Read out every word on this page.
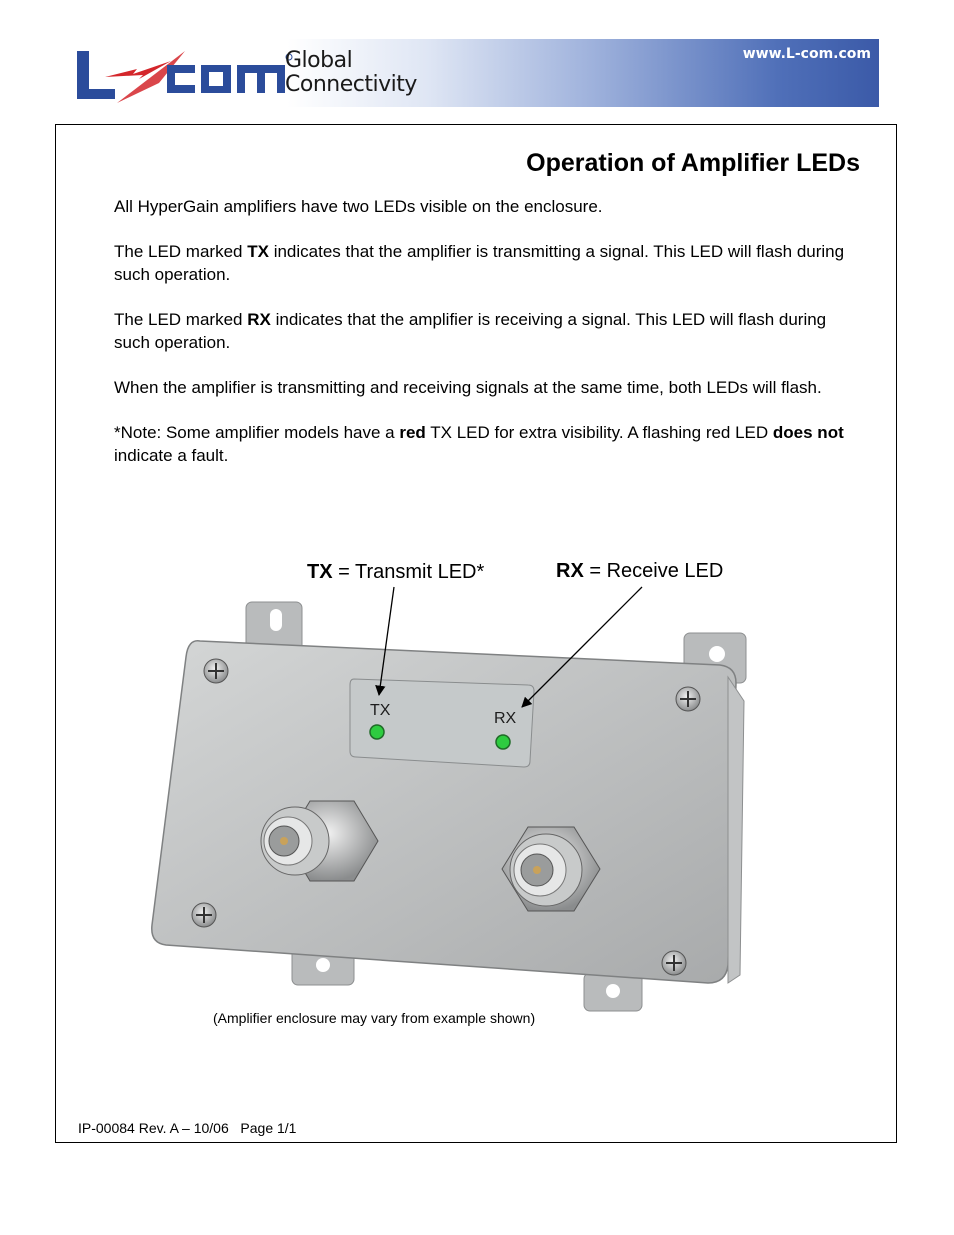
Global
Connectivity
www.L-com.com
Operation of Amplifier LEDs

All HyperGain amplifiers have two LEDs visible on the enclosure.

The LED marked TX indicates that the amplifier is transmitting a signal. This LED will flash during such operation.

The LED marked RX indicates that the amplifier is receiving a signal. This LED will flash during such operation.

When the amplifier is transmitting and receiving signals at the same time, both LEDs will flash.

*Note: Some amplifier models have a red TX LED for extra visibility. A flashing red LED does not indicate a fault.

TX	RX
TX = Transmit LED*	RX = Receive LED
(Amplifier enclosure may vary from example shown)
IP-00084 Rev. A – 10/06   Page 1/1
